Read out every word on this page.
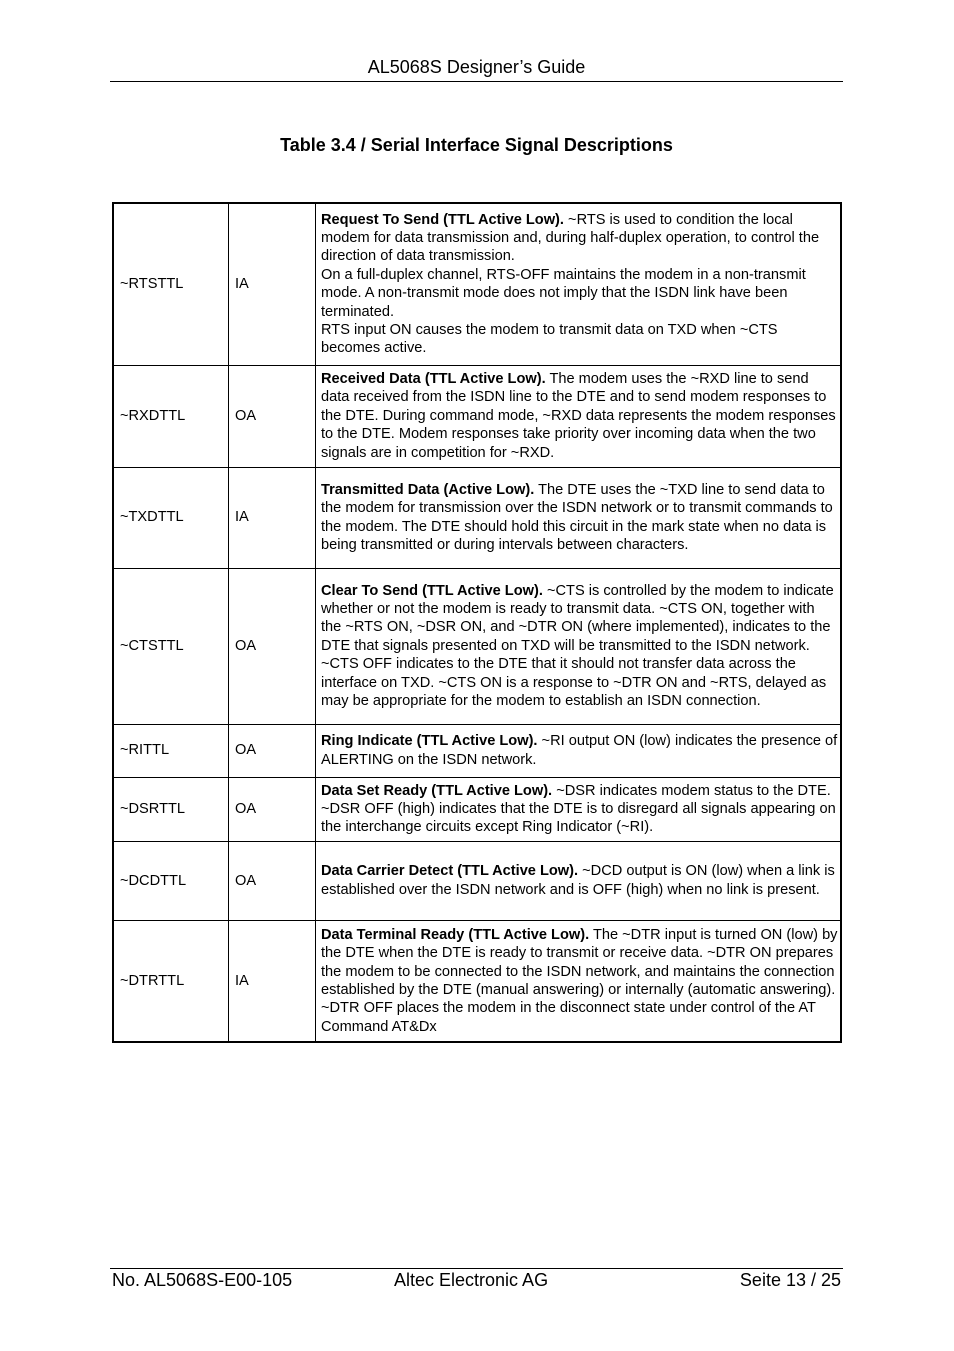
AL5068S Designer’s Guide
Table 3.4 / Serial Interface Signal Descriptions
~RTSTTL	IA	Request To Send (TTL Active Low). ~RTS is used to condition the local modem for data transmission and, during half-duplex operation, to control the direction of data transmission.
On a full-duplex channel, RTS-OFF maintains the modem in a non-transmit mode. A non-transmit mode does not imply that the ISDN link have been terminated.
RTS input ON causes the modem to transmit data on TXD when ~CTS becomes active.

~RXDTTL	OA	Received Data (TTL Active Low). The modem uses the ~RXD line to send data received from the ISDN line to the DTE and to send modem responses to the DTE. During command mode, ~RXD data represents the modem responses to the DTE. Modem responses take priority over incoming data when the two signals are in competition for ~RXD.

~TXDTTL	IA	Transmitted Data (Active Low). The DTE uses the ~TXD line to send data to the modem for transmission over the ISDN network or to transmit commands to the modem. The DTE should hold this circuit in the mark state when no data is being transmitted or during intervals between characters.

~CTSTTL	OA	Clear To Send (TTL Active Low). ~CTS is controlled by the modem to indicate whether or not the modem is ready to transmit data. ~CTS ON, together with the ~RTS ON, ~DSR ON, and ~DTR ON (where implemented), indicates to the DTE that signals presented on TXD will be transmitted to the ISDN network. ~CTS OFF indicates to the DTE that it should not transfer data across the interface on TXD. ~CTS ON is a response to ~DTR ON and ~RTS, delayed as may be appropriate for the modem to establish an ISDN connection.

~RITTL	OA	Ring Indicate (TTL Active Low). ~RI output ON (low) indicates the presence of ALERTING on the ISDN network.

~DSRTTL	OA	Data Set Ready (TTL Active Low). ~DSR indicates modem status to the DTE. ~DSR OFF (high) indicates that the DTE is to disregard all signals appearing on the interchange circuits except Ring Indicator (~RI).

~DCDTTL	OA	Data Carrier Detect (TTL Active Low). ~DCD output is ON (low) when a link is established over the ISDN network and is OFF (high) when no link is present.

~DTRTTL	IA	Data Terminal Ready (TTL Active Low). The ~DTR input is turned ON (low) by the DTE when the DTE is ready to transmit or receive data. ~DTR ON prepares the modem to be connected to the ISDN network, and maintains the connection established by the DTE (manual answering) or internally (automatic answering). ~DTR OFF places the modem in the disconnect state under control of the AT Command AT&Dx
No. AL5068S-E00-105	Altec Electronic AG	Seite 13 / 25
